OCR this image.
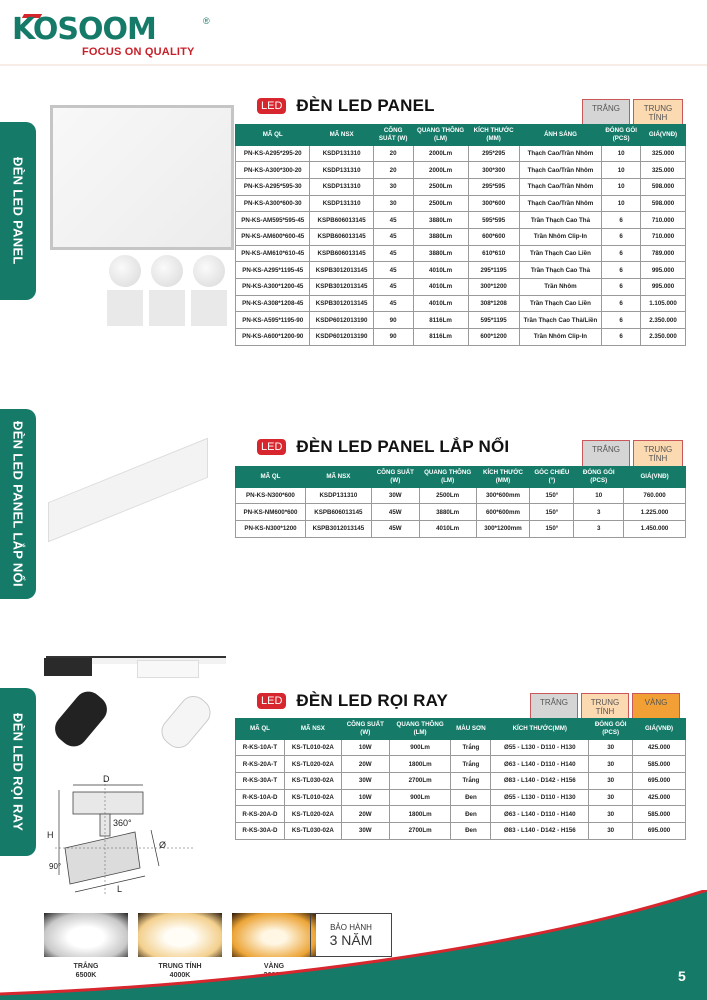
KOSOOM	®
FOCUS ON QUALITY
ĐÈN LED PANEL
ĐÈN LED PANEL LẮP NỔI
ĐÈN LED RỌI RAY
LED ĐÈN LED PANEL	TRẮNG	TRUNG TÍNH
MÃ QL	MÃ NSX	CÔNG SUẤT (W)	QUANG THÔNG (LM)	KÍCH THƯỚC (MM)	ÁNH SÁNG	ĐÓNG GÓI (PCS)	GIÁ(VNĐ)
PN-KS-A295*295-20	KSDP131310	20	2000Lm	295*295	Thạch Cao/Trần Nhôm	10	325.000
PN-KS-A300*300-20	KSDP131310	20	2000Lm	300*300	Thạch Cao/Trần Nhôm	10	325.000
PN-KS-A295*595-30	KSDP131310	30	2500Lm	295*595	Thạch Cao/Trần Nhôm	10	598.000
PN-KS-A300*600-30	KSDP131310	30	2500Lm	300*600	Thạch Cao/Trần Nhôm	10	598.000
PN-KS-AM595*595-45	KSPB606013145	45	3880Lm	595*595	Trần Thạch Cao Thả	6	710.000
PN-KS-AM600*600-45	KSPB606013145	45	3880Lm	600*600	Trần Nhôm Clip-In	6	710.000
PN-KS-AM610*610-45	KSPB606013145	45	3880Lm	610*610	Trần Thạch Cao Liền	6	789.000
PN-KS-A295*1195-45	KSPB3012013145	45	4010Lm	295*1195	Trần Thạch Cao Thả	6	995.000
PN-KS-A300*1200-45	KSPB3012013145	45	4010Lm	300*1200	Trần Nhôm	6	995.000
PN-KS-A308*1208-45	KSPB3012013145	45	4010Lm	308*1208	Trần Thạch Cao Liền	6	1.105.000
PN-KS-A595*1195-90	KSDP6012013190	90	8116Lm	595*1195	Trần Thạch Cao Thả/Liền	6	2.350.000
PN-KS-A600*1200-90	KSDP6012013190	90	8116Lm	600*1200	Trần Nhôm Clip-In	6	2.350.000
LED ĐÈN LED PANEL LẮP NỔI	TRẮNG	TRUNG TÍNH
MÃ QL	MÃ NSX	CÔNG SUẤT (W)	QUANG THÔNG (LM)	KÍCH THƯỚC (MM)	GÓC CHIẾU (°)	ĐÓNG GÓI (PCS)	GIÁ(VNĐ)
PN-KS-N300*600	KSDP131310	30W	2500Lm	300*600mm	150°	10	760.000
PN-KS-NM600*600	KSPB606013145	45W	3880Lm	600*600mm	150°	3	1.225.000
PN-KS-N300*1200	KSPB3012013145	45W	4010Lm	300*1200mm	150°	3	1.450.000
D
H
L
Ø
360°
90°
LED ĐÈN LED RỌI RAY	TRẮNG	TRUNG TÍNH
VÀNG
MÃ QL	MÃ NSX	CÔNG SUẤT (W)	QUANG THÔNG (LM)	MÀU SƠN	KÍCH THƯỚC(MM)	ĐÓNG GÓI (PCS)	GIÁ(VNĐ)
R-KS-10A-T	KS-TL010-02A	10W	900Lm	Trắng	Ø55 - L130 - D110 - H130	30	425.000
R-KS-20A-T	KS-TL020-02A	20W	1800Lm	Trắng	Ø63 - L140 - D110 - H140	30	585.000
R-KS-30A-T	KS-TL030-02A	30W	2700Lm	Trắng	Ø83 - L140 - D142 - H156	30	695.000
R-KS-10A-D	KS-TL010-02A	10W	900Lm	Đen	Ø55 - L130 - D110 - H130	30	425.000
R-KS-20A-D	KS-TL020-02A	20W	1800Lm	Đen	Ø63 - L140 - D110 - H140	30	585.000
R-KS-30A-D	KS-TL030-02A	30W	2700Lm	Đen	Ø83 - L140 - D142 - H156	30	695.000
TRẮNG
6500K
TRUNG TÍNH
4000K
VÀNG

BẢO HÀNH
3 NĂM
5
